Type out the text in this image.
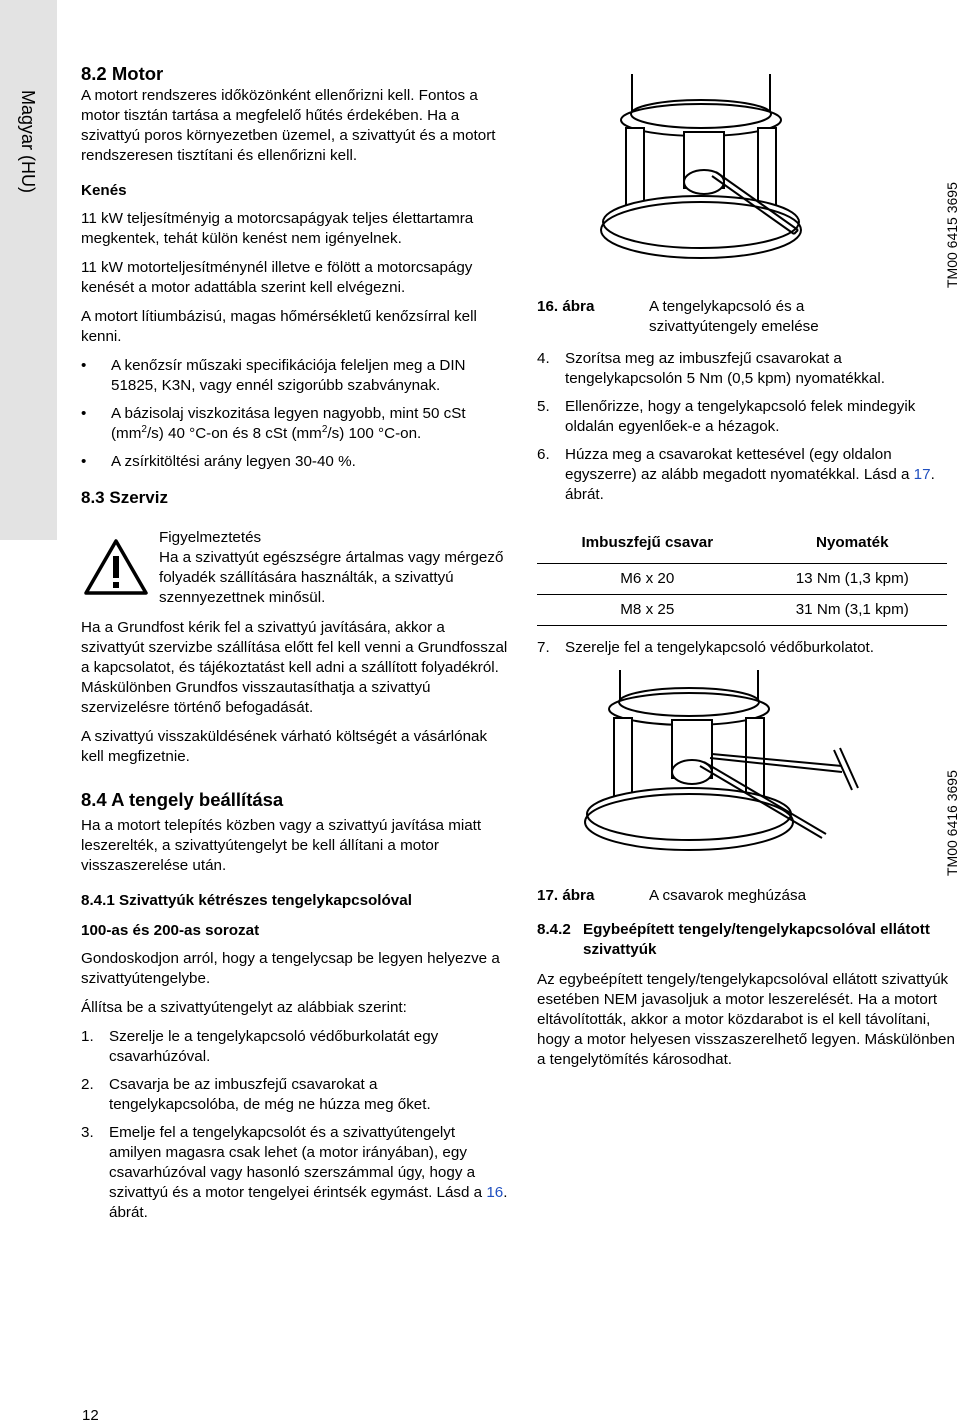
Magyar (HU)
8.2 Motor

A motort rendszeres időközönként ellenőrizni kell. Fontos a motor tisztán tartása a megfelelő hűtés érdekében. Ha a szivattyú poros környezetben üzemel, a szivattyút és a motort rendszeresen tisztítani és ellenőrizni kell.

Kenés

11 kW teljesítményig a motorcsapágyak teljes élettartamra megkentek, tehát külön kenést nem igényelnek.

11 kW motorteljesítménynél illetve e fölött a motorcsapágy kenését a motor adattábla szerint kell elvégezni.

A motort lítiumbázisú, magas hőmérsékletű kenőzsírral kell kenni.

• A kenőzsír műszaki specifikációja feleljen meg a DIN 51825, K3N, vagy ennél szigorúbb szabványnak.
• A bázisolaj viszkozitása legyen nagyobb, mint 50 cSt $(mm^2/s)$ 40 °C-on és 8 cSt $(mm^2/s)$ 100 °C-on.
• A zsírkitöltési arány legyen 30-40 %.
8.3 Szerviz
Figyelmeztetés
Ha a szivattyút egészségre ártalmas vagy mérgező folyadék szállítására használták, a szivattyú szennyezettnek minősül.

Ha a Grundfost kérik fel a szivattyú javítására, akkor a szivattyút szervizbe szállítása előtt fel kell venni a Grundfosszal a kapcsolatot, és tájékoztatást kell adni a szállított folyadékról. Máskülönben Grundfos visszautasíthatja a szivattyú szervizelésre történő befogadását.

A szivattyú visszaküldésének várható költségét a vásárlónak kell megfizetnie.

8.4 A tengely beállítása

Ha a motort telepítés közben vagy a szivattyú javítása miatt leszerelték, a szivattyútengelyt be kell állítani a motor visszaszerelése után.

8.4.1 Szivattyúk kétrészes tengelykapcsolóval
100-as és 200-as sorozat

Gondoskodjon arról, hogy a tengelycsap be legyen helyezve a szivattyútengelybe.

Állítsa be a szivattyútengelyt az alábbiak szerint:

1. Szerelje le a tengelykapcsoló védőburkolatát egy csavarhúzóval.
2. Csavarja be az imbuszfejű csavarokat a tengelykapcsolóba, de még ne húzza meg őket.
3. Emelje fel a tengelykapcsolót és a szivattyútengelyt amilyen magasra csak lehet (a motor irányában), egy csavarhúzóval vagy hasonló szerszámmal úgy, hogy a szivattyú és a motor tengelyei érintsék egymást. Lásd a 16. ábrát.
TM00 6415 3695
16. ábra	A tengelykapcsoló és a szivattyútengely emelése
4. Szorítsa meg az imbuszfejű csavarokat a tengelykapcsolón 5 Nm (0,5 kpm) nyomatékkal.
5. Ellenőrizze, hogy a tengelykapcsoló felek mindegyik oldalán egyenlőek-e a hézagok.
6. Húzza meg a csavarokat kettesével (egy oldalon egyszerre) az alább megadott nyomatékkal. Lásd a 17. ábrát.
Imbuszfejű csavar	Nyomaték
M6 x 20	13 Nm (1,3 kpm)
M8 x 25	31 Nm (3,1 kpm)
7. Szerelje fel a tengelykapcsoló védőburkolatot.
TM00 6416 3695
17. ábra	A csavarok meghúzása
8.4.2 Egybeépített tengely/tengelykapcsolóval ellátott szivattyúk

Az egybeépített tengely/tengelykapcsolóval ellátott szivattyúk esetében NEM javasoljuk a motor leszerelését. Ha a motort eltávolították, akkor a motor közdarabot is el kell távolítani, hogy a motor helyesen visszaszerelhető legyen. Máskülönben a tengelytömítés károsodhat.

12
